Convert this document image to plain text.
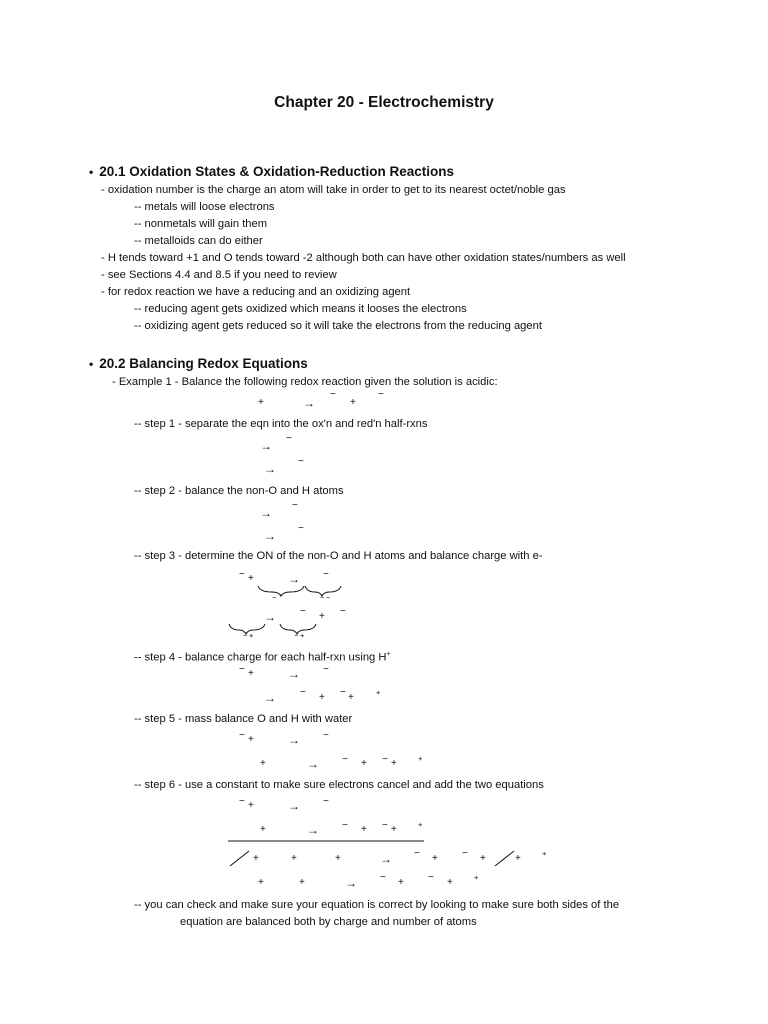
Chapter 20 - Electrochemistry
• 20.1 Oxidation States & Oxidation-Reduction Reactions
- oxidation number is the charge an atom will take in order to get to its nearest octet/noble gas
-- metals will loose electrons
-- nonmetals will gain them
-- metalloids can do either
- H tends toward +1 and O tends toward -2 although both can have other oxidation states/numbers as well
- see Sections 4.4 and 8.5 if you need to review
- for redox reaction we have a reducing and an oxidizing agent
-- reducing agent gets oxidized which means it looses the electrons
-- oxidizing agent gets reduced so it will take the electrons from the reducing agent
• 20.2 Balancing Redox Equations
- Example 1 - Balance the following redox reaction given the solution is acidic:
+	→
−
+
−
-- step 1 - separate the eqn into the ox'n and red'n half-rxns
→
−
→
−
-- step 2 - balance the non-O and H atoms
→
−
→
−
-- step 3 - determine the ON of the non-O and H atoms and balance charge with e-
− +	→ −
−	− −
→ − + −
− +	− +
-- step 4 - balance charge for each half-rxn using H+
− +	→ −
→ − + − +	+
-- step 5 - mass balance O and H with water
− +	→ −
+	→ − + − +	+
-- step 6 - use a constant to make sure electrons cancel and add the two equations
− +	→ −
+	→ − + − +	+
+	+	+	→ − + − +	+	+
+	+	→ − + − +	+
-- you can check and make sure your equation is correct by looking to make sure both sides of the
equation are balanced both by charge and number of atoms
